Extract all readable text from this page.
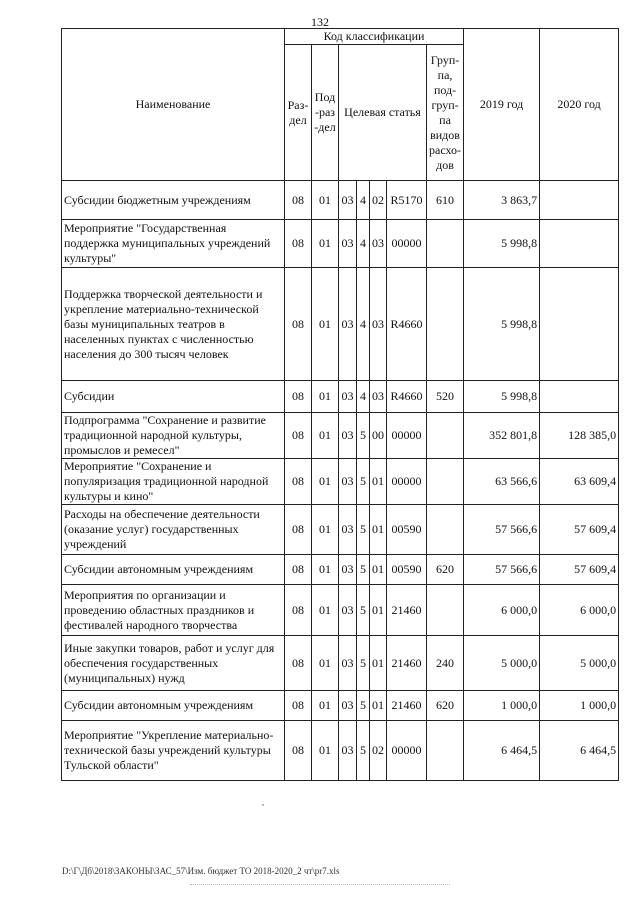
132
Наименование	Код классификации							2019 год	2020 год
	Раз-дел	Под-раз-дел	Целевая статья				Груп-па, под-груп-па видов расхо-дов		
Субсидии бюджетным учреждениям	08	01	03	4	02	R5170	610	3 863,7	
Мероприятие "Государственная поддержка муниципальных учреждений культуры"	08	01	03	4	03	00000		5 998,8	
Поддержка творческой деятельности и укрепление материально-технической базы муниципальных театров в населенных пунктах с численностью населения до 300 тысяч человек	08	01	03	4	03	R4660		5 998,8	
Субсидии	08	01	03	4	03	R4660	520	5 998,8	
Подпрограмма "Сохранение и развитие традиционной народной культуры, промыслов и ремесел"	08	01	03	5	00	00000		352 801,8	128 385,0
Мероприятие "Сохранение и популяризация традиционной народной культуры и кино"	08	01	03	5	01	00000		63 566,6	63 609,4
Расходы на обеспечение деятельности (оказание услуг) государственных учреждений	08	01	03	5	01	00590		57 566,6	57 609,4
Субсидии автономным учреждениям	08	01	03	5	01	00590	620	57 566,6	57 609,4
Мероприятия по организации и проведению областных праздников и фестивалей народного творчества	08	01	03	5	01	21460		6 000,0	6 000,0
Иные закупки товаров, работ и услуг для обеспечения государственных (муниципальных) нужд	08	01	03	5	01	21460	240	5 000,0	5 000,0
Субсидии автономным учреждениям	08	01	03	5	01	21460	620	1 000,0	1 000,0
Мероприятие "Укрепление материально-технической базы учреждений культуры Тульской области"	08	01	03	5	02	00000		6 464,5	6 464,5
D:\Г\Дб\2018\ЗАКОНЫ\ЗАС_57\Изм. бюджет ТО 2018-2020_2 чт\pr7.xls
